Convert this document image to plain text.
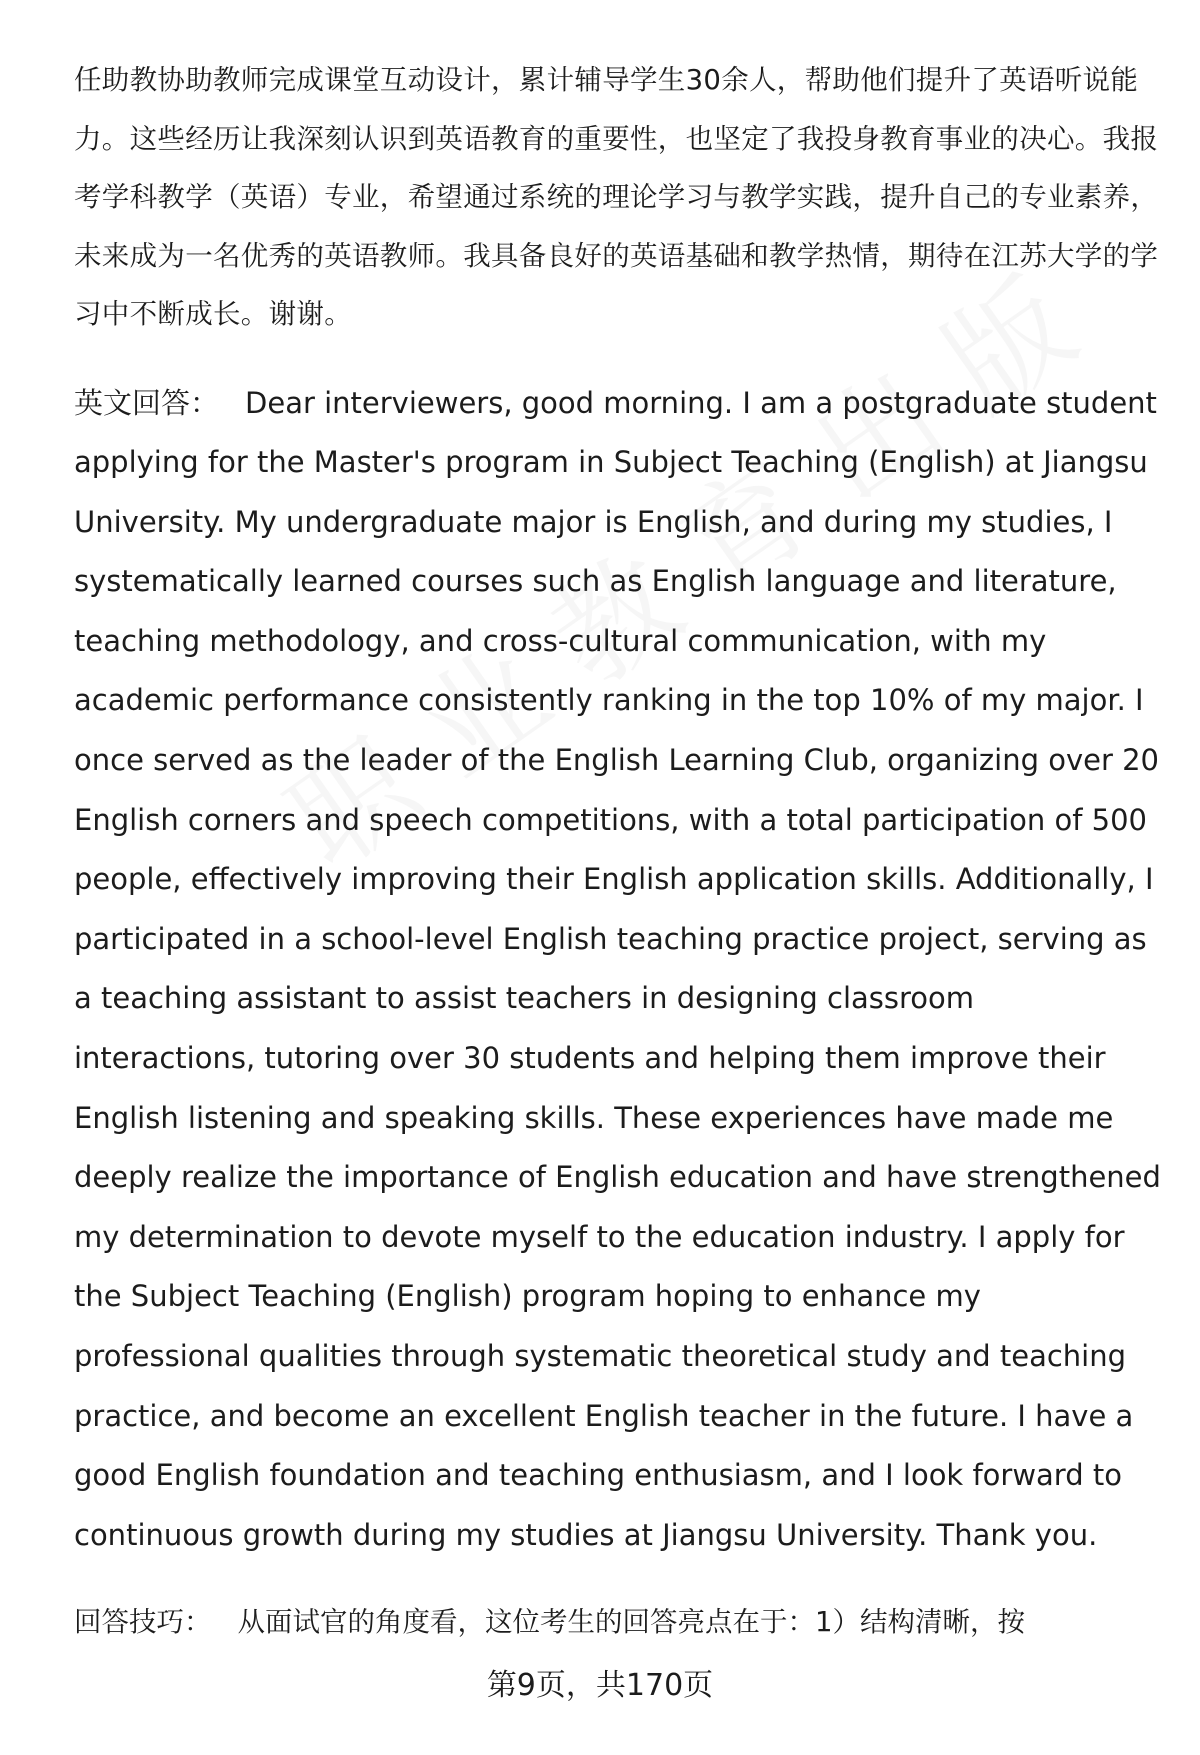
任助教协助教师完成课堂互动设计，累计辅导学生30余人，帮助他们提升了英语听说能力。这些经历让我深刻认识到英语教育的重要性，也坚定了我投身教育事业的决心。我报考学科教学（英语）专业，希望通过系统的理论学习与教学实践，提升自己的专业素养，未来成为一名优秀的英语教师。我具备良好的英语基础和教学热情，期待在江苏大学的学习中不断成长。谢谢。

英文回答： Dear interviewers, good morning. I am a postgraduate student applying for the Master's program in Subject Teaching (English) at Jiangsu University. My undergraduate major is English, and during my studies, I systematically learned courses such as English language and literature, teaching methodology, and cross-cultural communication, with my academic performance consistently ranking in the top 10% of my major. I once served as the leader of the English Learning Club, organizing over 20 English corners and speech competitions, with a total participation of 500 people, effectively improving their English application skills. Additionally, I participated in a school-level English teaching practice project, serving as a teaching assistant to assist teachers in designing classroom interactions, tutoring over 30 students and helping them improve their English listening and speaking skills. These experiences have made me deeply realize the importance of English education and have strengthened my determination to devote myself to the education industry. I apply for the Subject Teaching (English) program hoping to enhance my professional qualities through systematic theoretical study and teaching practice, and become an excellent English teacher in the future. I have a good English foundation and teaching enthusiasm, and I look forward to continuous growth during my studies at Jiangsu University. Thank you.

回答技巧： 从面试官的角度看，这位考生的回答亮点在于：1）结构清晰，按

第9页，共170页
